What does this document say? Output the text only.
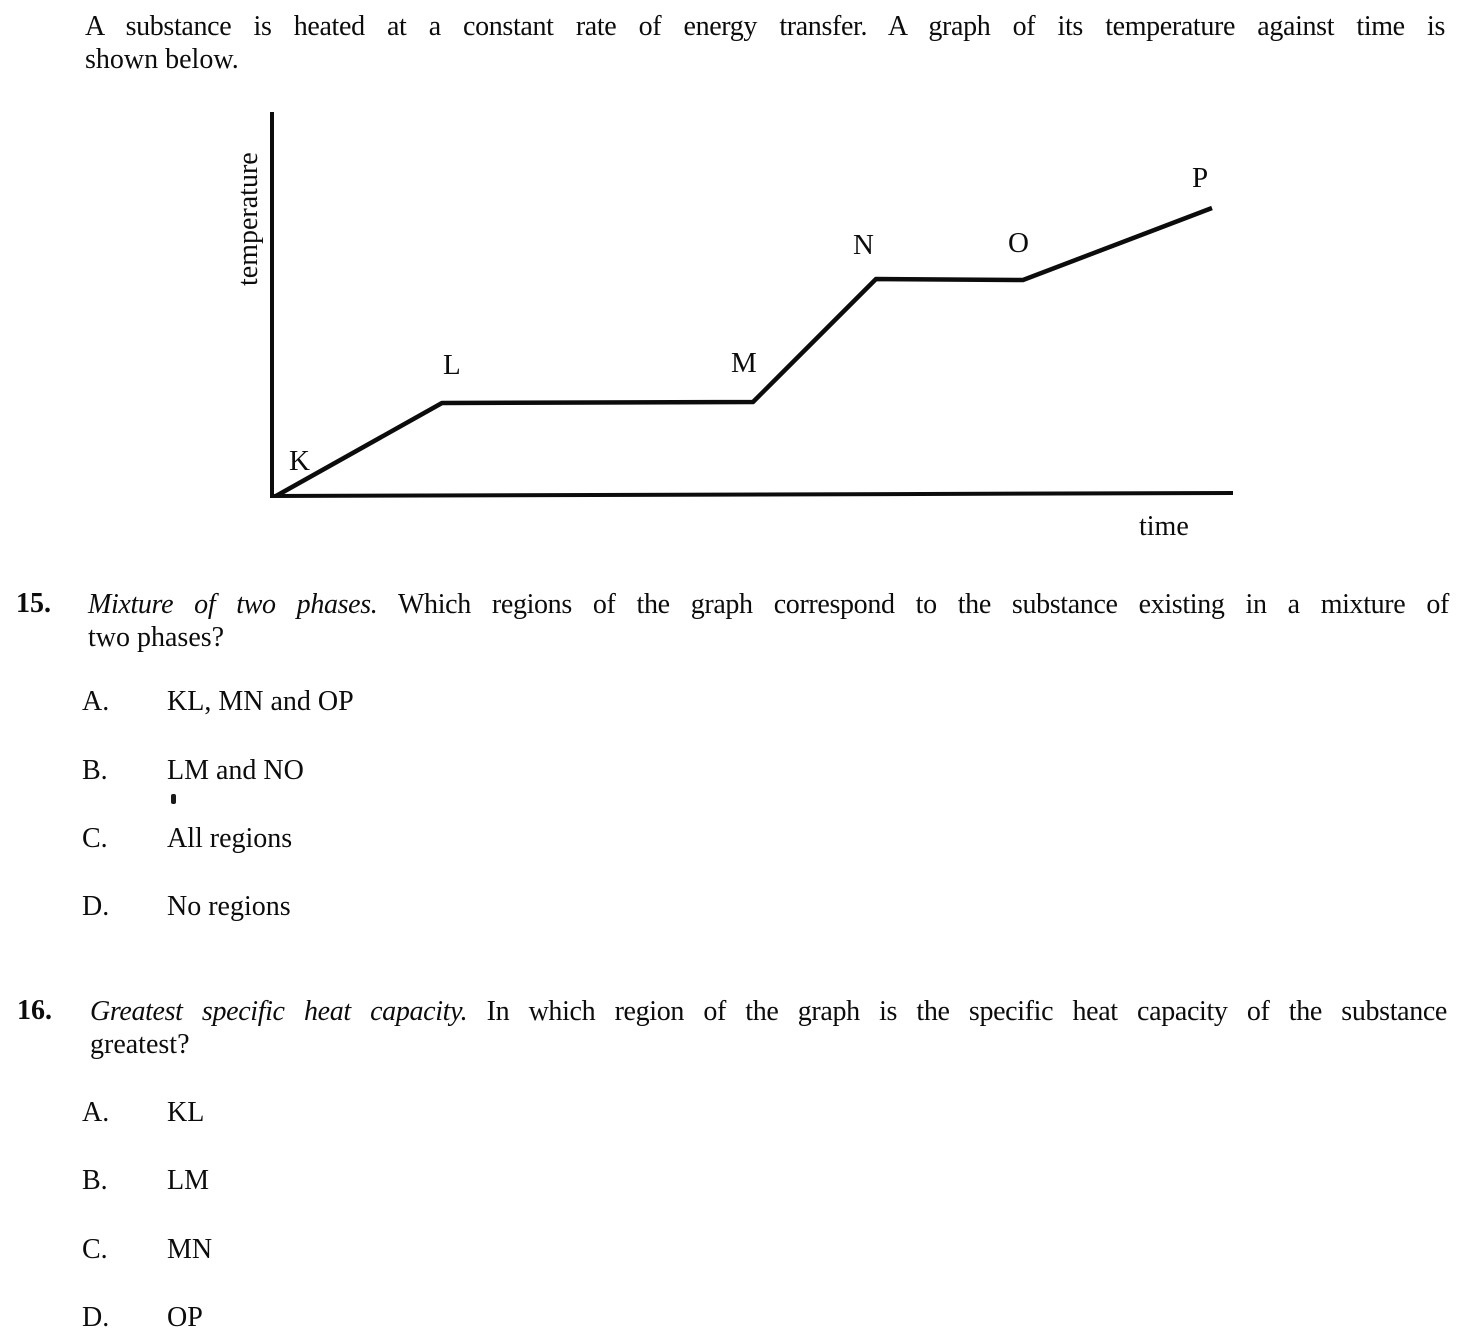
A substance is heated at a constant rate of energy transfer. A graph of its temperature against time is
shown below.
temperature
time
K
L	M
N	O
P
15. Mixture of two phases. Which regions of the graph correspond to the substance existing in a mixture of
two phases?
A. KL, MN and OP
B. LM and NO
C. All regions
D. No regions
16. Greatest specific heat capacity. In which region of the graph is the specific heat capacity of the substance
greatest?
A. KL
B. LM
C. MN
D. OP
